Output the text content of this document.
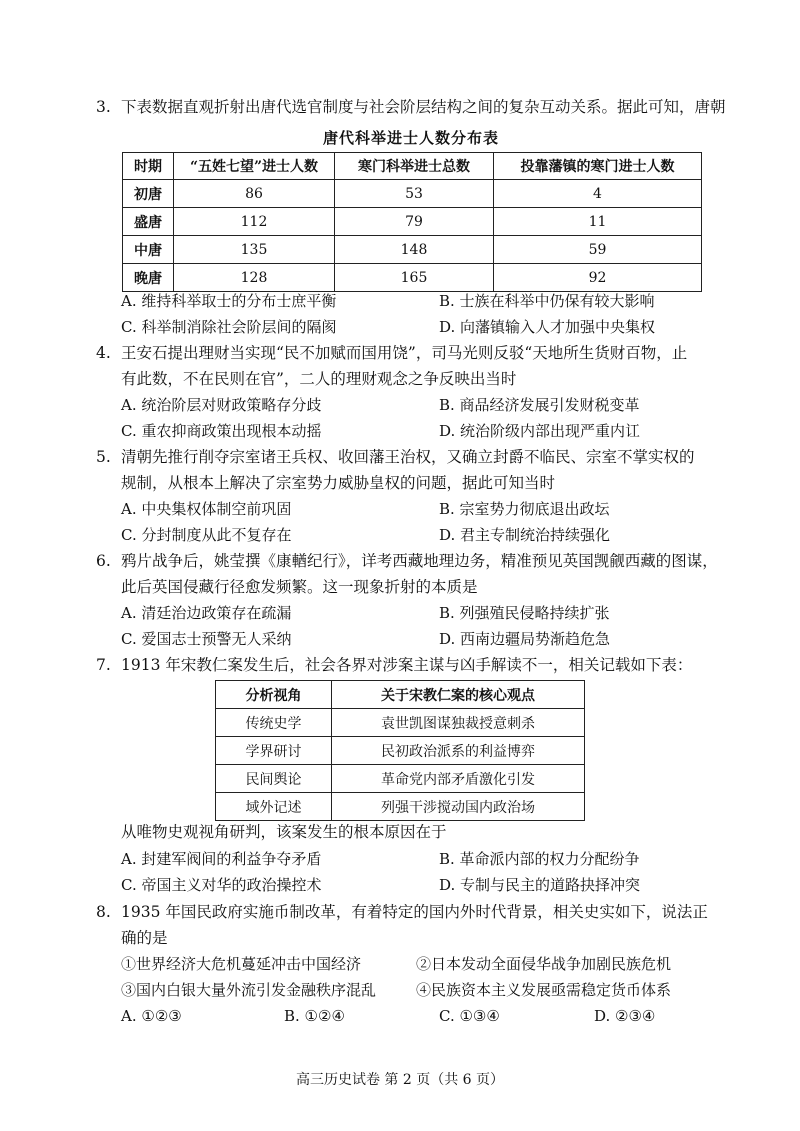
3. 下表数据直观折射出唐代选官制度与社会阶层结构之间的复杂互动关系。据此可知，唐朝
唐代科举进士人数分布表
时期	“五姓七望”进士人数	寒门科举进士总数	投靠藩镇的寒门进士人数
初唐	86	53	4
盛唐	112	79	11
中唐	135	148	59
晚唐	128	165	92
A. 维持科举取士的分布士庶平衡	B. 士族在科举中仍保有较大影响
C. 科举制消除社会阶层间的隔阂	D. 向藩镇输入人才加强中央集权
4. 王安石提出理财当实现“民不加赋而国用饶”，司马光则反驳“天地所生货财百物，止
有此数，不在民则在官”，二人的理财观念之争反映出当时
A. 统治阶层对财政策略存分歧	B. 商品经济发展引发财税变革
C. 重农抑商政策出现根本动摇	D. 统治阶级内部出现严重内讧
5. 清朝先推行削夺宗室诸王兵权、收回藩王治权，又确立封爵不临民、宗室不掌实权的
规制，从根本上解决了宗室势力威胁皇权的问题，据此可知当时
A. 中央集权体制空前巩固	B. 宗室势力彻底退出政坛
C. 分封制度从此不复存在	D. 君主专制统治持续强化
6. 鸦片战争后，姚莹撰《康輶纪行》，详考西藏地理边务，精准预见英国觊觎西藏的图谋，
此后英国侵藏行径愈发频繁。这一现象折射的本质是
A. 清廷治边政策存在疏漏	B. 列强殖民侵略持续扩张
C. 爱国志士预警无人采纳	D. 西南边疆局势渐趋危急
7. 1913 年宋教仁案发生后，社会各界对涉案主谋与凶手解读不一，相关记载如下表：
分析视角	关于宋教仁案的核心观点
传统史学	袁世凯图谋独裁授意刺杀
学界研讨	民初政治派系的利益博弈
民间舆论	革命党内部矛盾激化引发
域外记述	列强干涉搅动国内政治场
从唯物史观视角研判，该案发生的根本原因在于
A. 封建军阀间的利益争夺矛盾	B. 革命派内部的权力分配纷争
C. 帝国主义对华的政治操控术	D. 专制与民主的道路抉择冲突
8. 1935 年国民政府实施币制改革，有着特定的国内外时代背景，相关史实如下，说法正
确的是
①世界经济大危机蔓延冲击中国经济	②日本发动全面侵华战争加剧民族危机
③国内白银大量外流引发金融秩序混乱	④民族资本主义发展亟需稳定货币体系
A. ①②③	B. ①②④	C. ①③④	D. ②③④
高三历史试卷 第 2 页（共 6 页）
